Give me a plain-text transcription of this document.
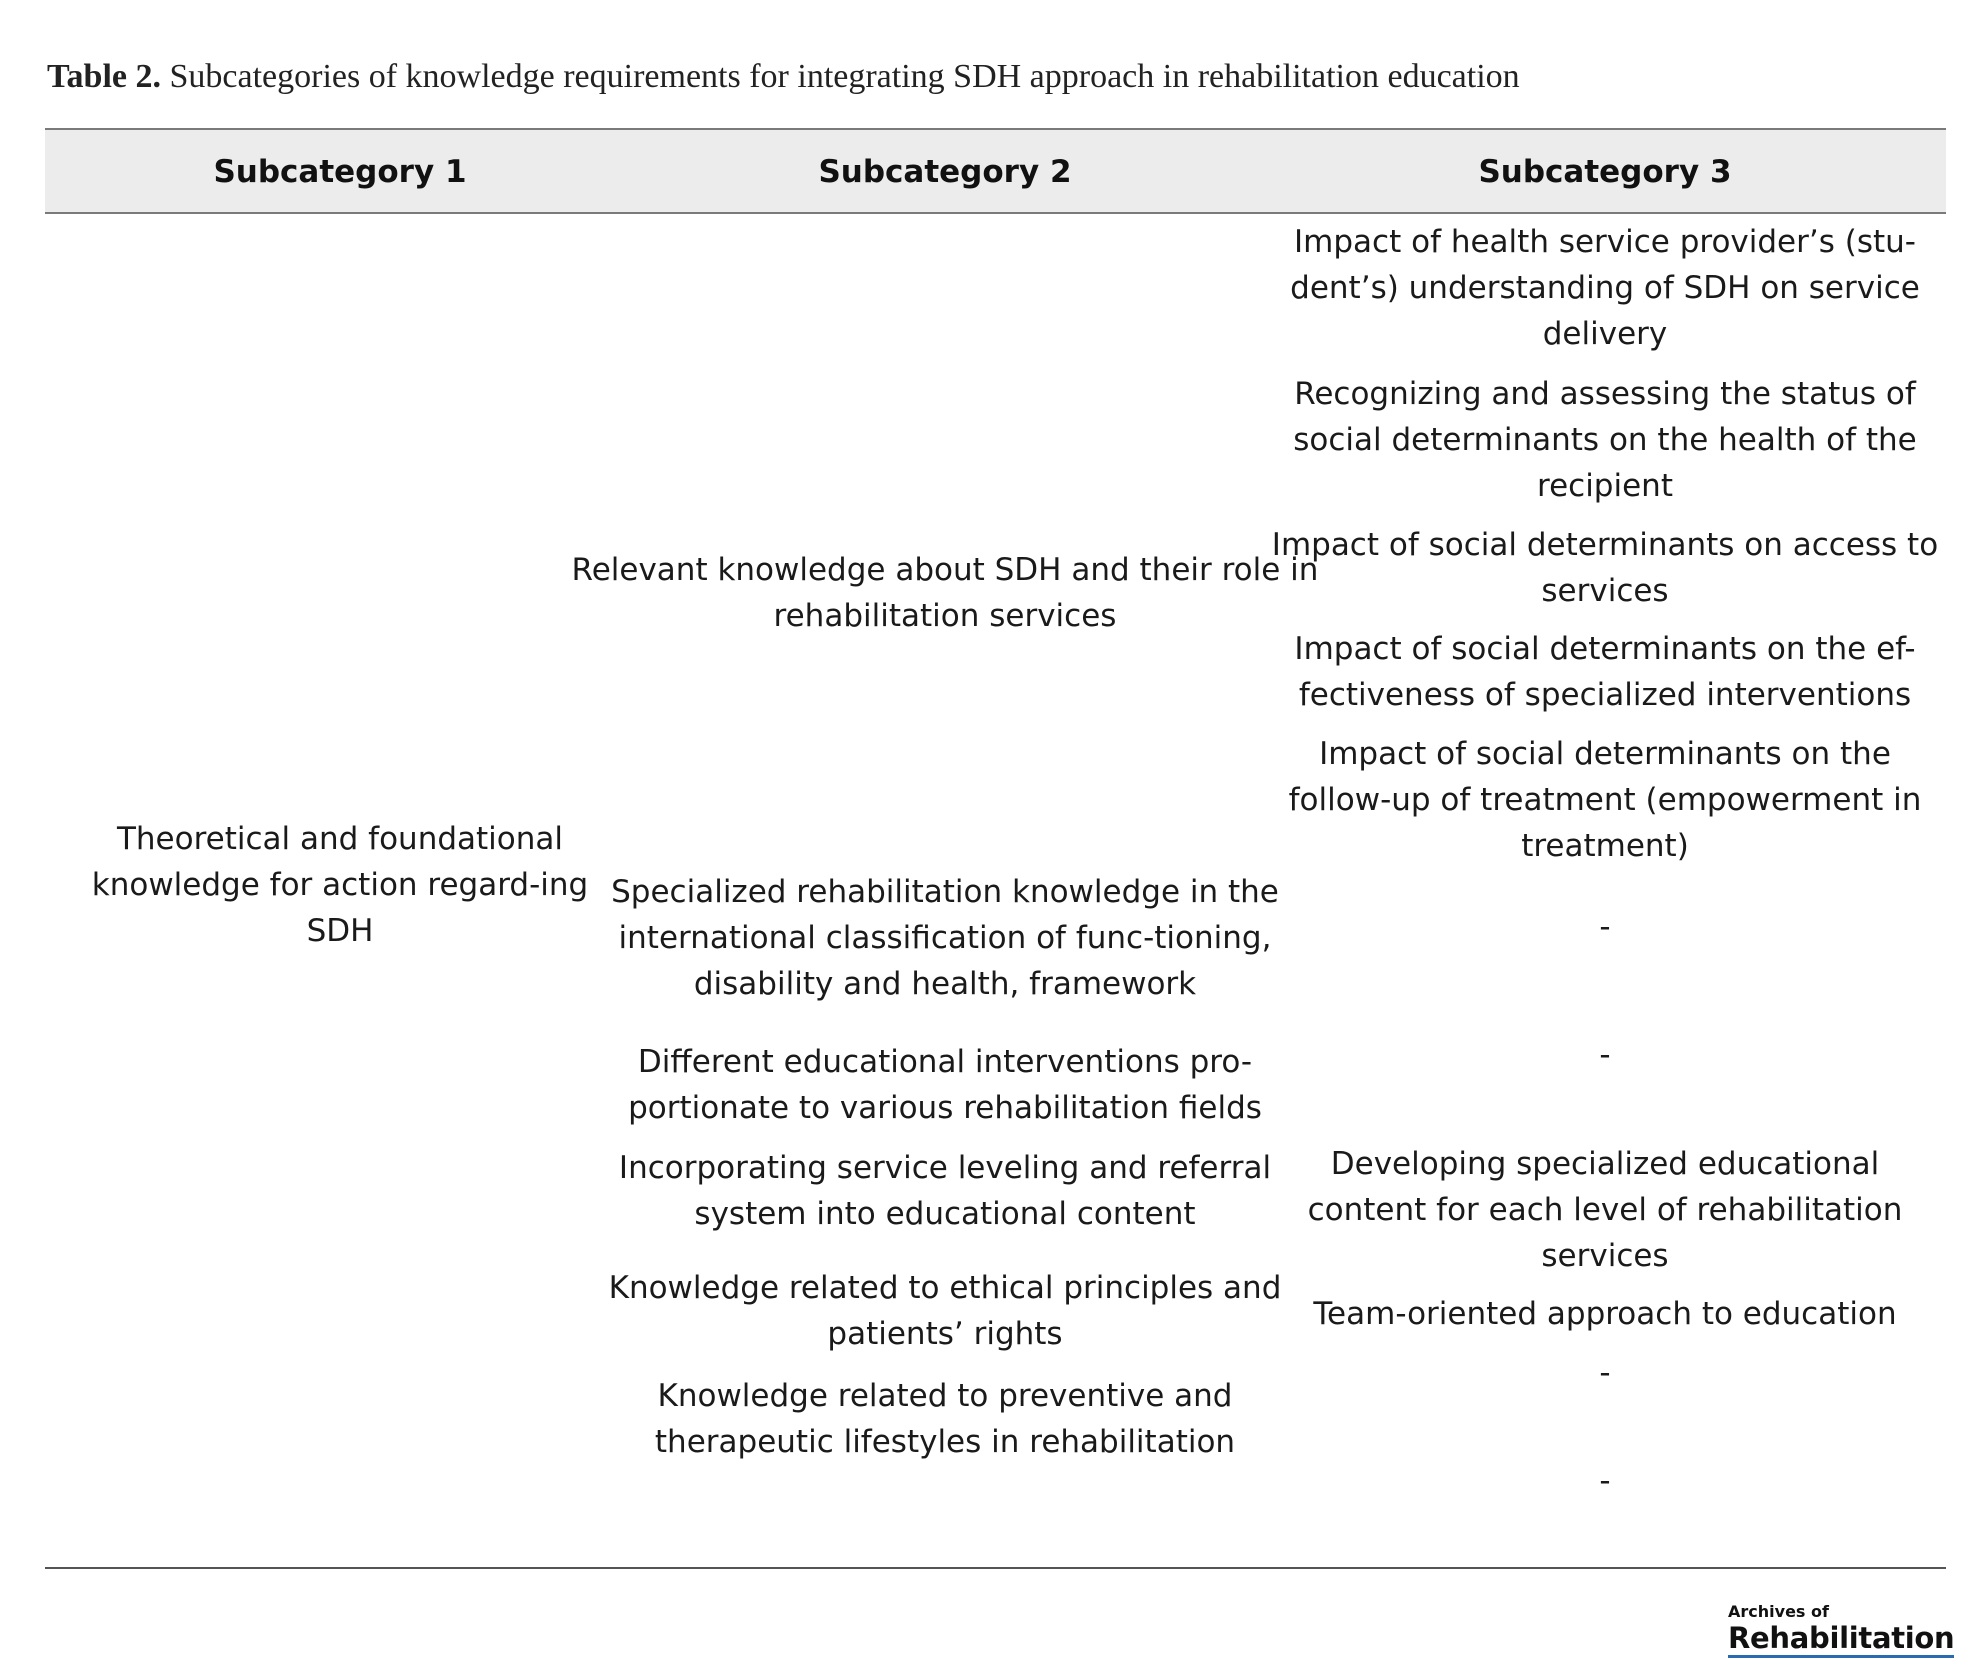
Table 2. Subcategories of knowledge requirements for integrating SDH approach in rehabilitation education
Subcategory 1	Subcategory 2	Subcategory 3
Theoretical and foundational knowledge for action regard-ing SDH
Relevant knowledge about SDH and their role in rehabilitation services
Specialized rehabilitation knowledge in the international classification of func-tioning, disability and health, framework
Different educational interventions pro-portionate to various rehabilitation fields
Incorporating service leveling and referral system into educational content
Knowledge related to ethical principles and patients’ rights
Knowledge related to preventive and therapeutic lifestyles in rehabilitation
Impact of health service provider’s (stu-dent’s) understanding of SDH on service delivery
Recognizing and assessing the status of social determinants on the health of the recipient
Impact of social determinants on access to services
Impact of social determinants on the ef-fectiveness of specialized interventions
Impact of social determinants on the follow-up of treatment (empowerment in treatment)
-
-
Developing specialized educational content for each level of rehabilitation services
Team-oriented approach to education
-
-
Archives of
Rehabilitation
